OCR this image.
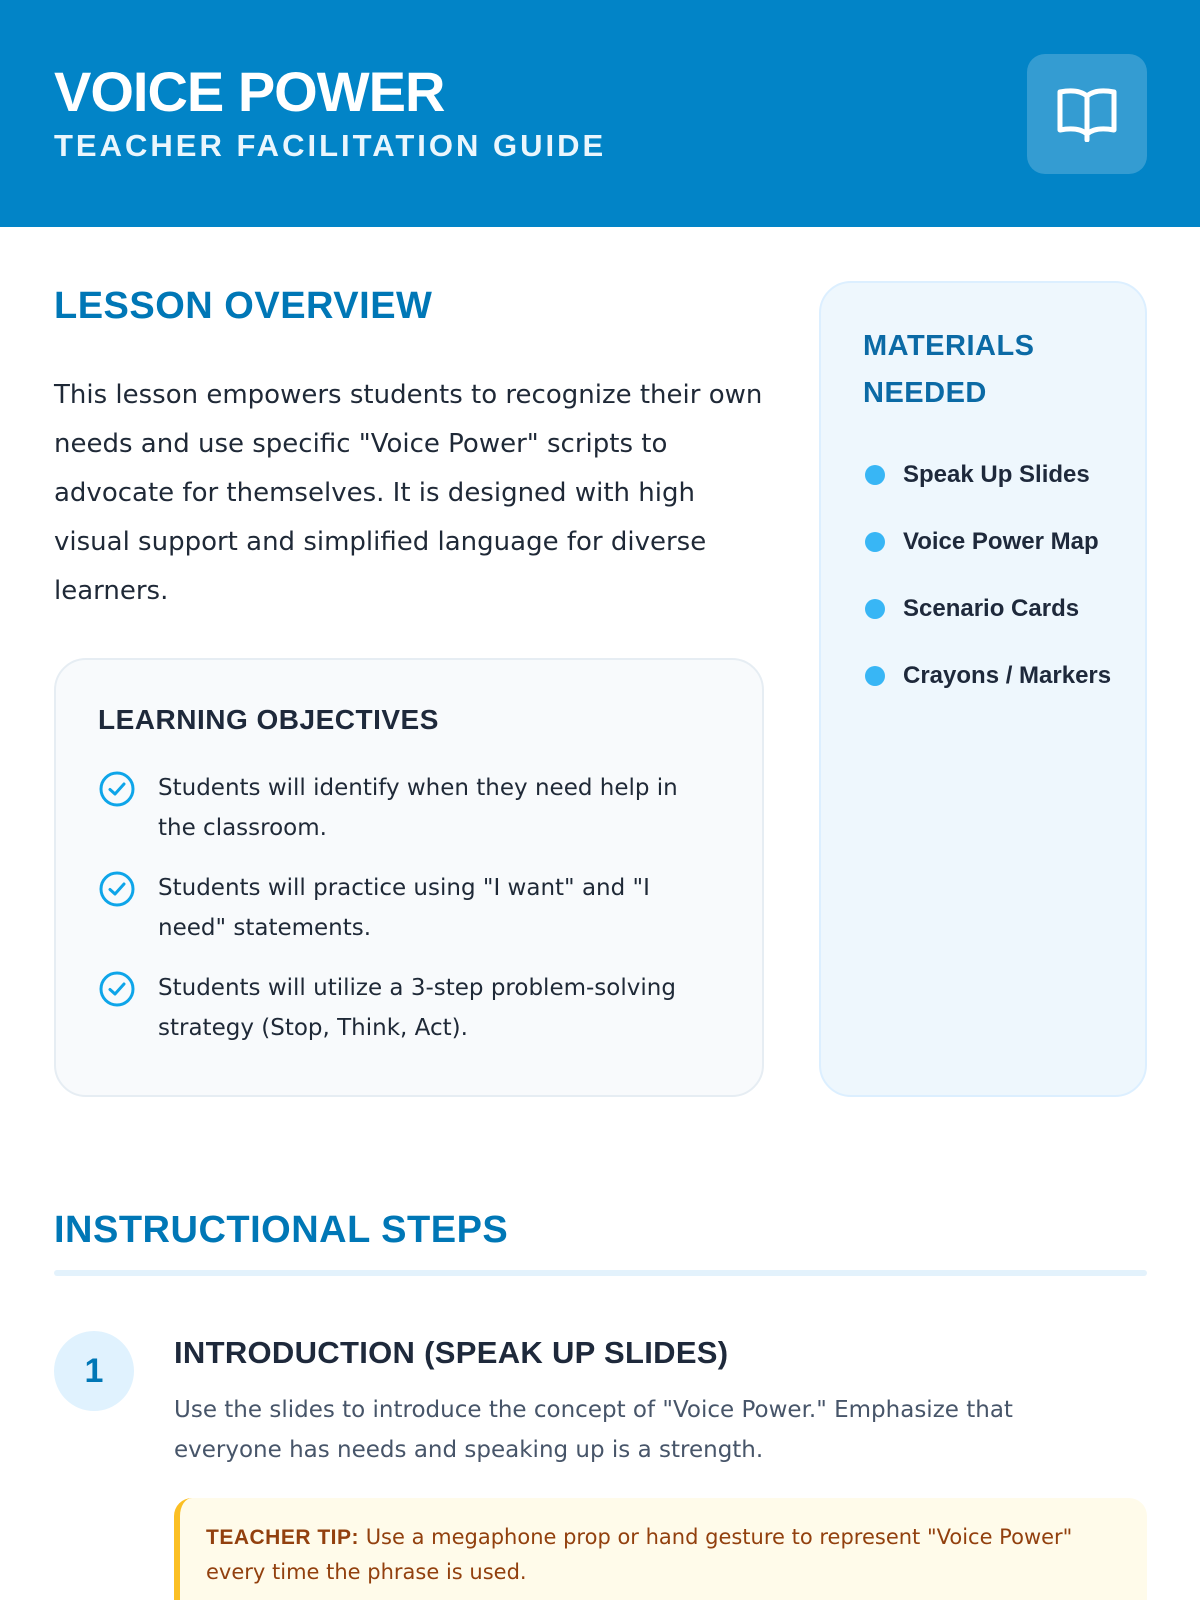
VOICE POWER
TEACHER FACILITATION GUIDE
LESSON OVERVIEW
This lesson empowers students to recognize their own needs and use specific "Voice Power" scripts to advocate for themselves. It is designed with high visual support and simplified language for diverse learners.
LEARNING OBJECTIVES
Students will identify when they need help in the classroom.
Students will practice using "I want" and "I need" statements.
Students will utilize a 3-step problem-solving strategy (Stop, Think, Act).
MATERIALS NEEDED
Speak Up Slides
Voice Power Map
Scenario Cards
Crayons / Markers
INSTRUCTIONAL STEPS
1	INTRODUCTION (SPEAK UP SLIDES)
Use the slides to introduce the concept of "Voice Power." Emphasize that everyone has needs and speaking up is a strength.
TEACHER TIP: Use a megaphone prop or hand gesture to represent "Voice Power" every time the phrase is used.
